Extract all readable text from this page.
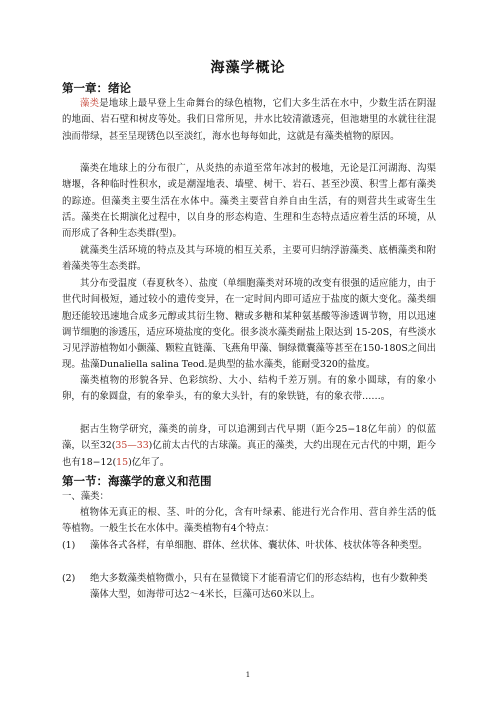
海藻学概论
第一章：绪论
藻类是地球上最早登上生命舞台的绿色植物，它们大多生活在水中，少数生活在阴湿的地面、岩石壁和树皮等处。我们日常所见，井水比较清澈透亮，但池塘里的水就往往混浊而带绿，甚至呈现锈色以至淡红，海水也每每如此，这就是有藻类植物的原因。
藻类在地球上的分布很广，从炎热的赤道至常年冰封的极地，无论是江河湖海、沟渠 塘堰，各种临时性积水，或是潮湿地表、墙壁、树干、岩石、甚至沙漠、积雪上都有藻类的踪迹。但藻类主要生活在水体中。藻类主要营自养自由生活，有的则营共生或寄生生活。藻类在长期演化过程中，以自身的形态构造、生理和生态特点适应着生活的环境，从而形成了各种生态类群(型)。
就藻类生活环境的特点及其与环境的相互关系，主要可归纳浮游藻类、底栖藻类和附着藻类等生态类群。
其分布受温度（春夏秋冬）、盐度（单细胞藻类对环境的改变有很强的适应能力，由于世代时间极短，通过较小的遗传变异，在一定时间内即可适应于盐度的颇大变化。藻类细胞还能较迅速地合成多元醇或其衍生物、糖或多糖和某种氨基酸等渗透调节物，用以迅速调节细胞的渗透压，适应环境盐度的变化。很多淡水藻类耐盐上限达到 15-20S，有些淡水习见浮游植物如小颤藻、颗粒直链藻、飞燕角甲藻、铜绿微囊藻等甚至在150-180S之间出现。盐藻Dunaliella salina Teod.是典型的盐水藻类，能耐受320的盐度。
藻类植物的形貌各异、色彩缤纷、大小、结构千差万别。有的象小圆球，有的象小卵，有的象圆盘，有的象拳头，有的象大头针，有的象铁链，有的象衣带……。
据古生物学研究，藻类的前身，可以追溯到古代早期（距今25−18亿年前）的似蓝藻，以至32(35—33)亿前太古代的古球藻。真正的藻类，大约出现在元古代的中期，距今也有18−12(15)亿年了。
第一节：海藻学的意义和范围
一、藻类：
植物体无真正的根、茎、叶的分化，含有叶绿素、能进行光合作用、营自养生活的低等植物。一般生长在水体中。藻类植物有4个特点：
(1) 藻体各式各样，有单细胞、群体、丝状体、囊状体、叶状体、枝状体等各种类型。
(2) 绝大多数藻类植物微小，只有在显微镜下才能看清它们的形态结构，也有少数种类藻体大型，如海带可达2～4米长，巨藻可达60米以上。
1
